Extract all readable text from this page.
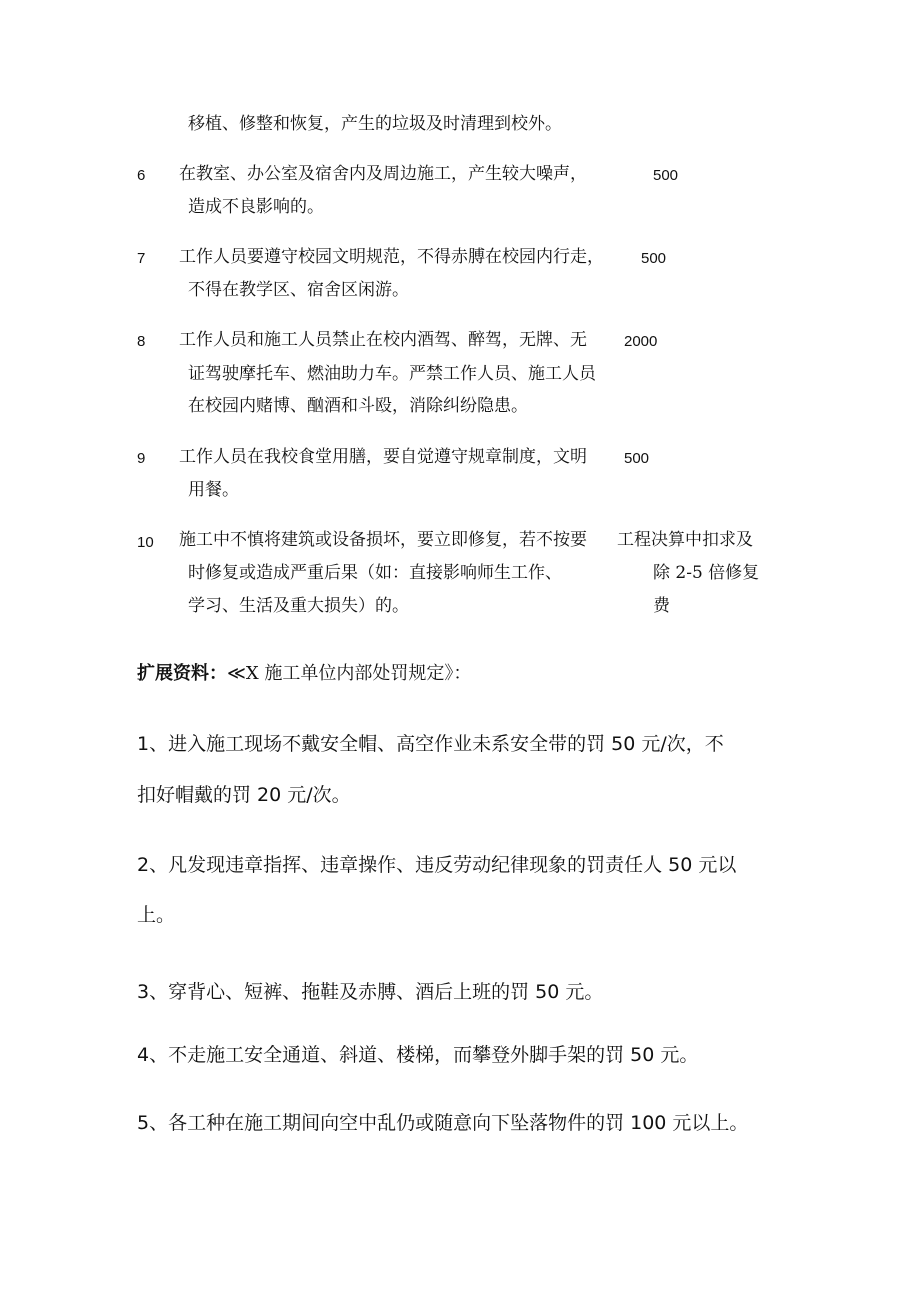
移植、修整和恢复，产生的垃圾及时清理到校外。
6 在教室、办公室及宿舍内及周边施工，产生较大噪声，
造成不良影响的。
500
7 工作人员要遵守校园文明规范，不得赤膊在校园内行走，
不得在教学区、宿舍区闲游。
500
8 工作人员和施工人员禁止在校内酒驾、醉驾，无牌、无
证驾驶摩托车、燃油助力车。严禁工作人员、施工人员
在校园内赌博、酗酒和斗殴，消除纠纷隐患。
2000
9 工作人员在我校食堂用膳，要自觉遵守规章制度，文明
用餐。
500
10 施工中不慎将建筑或设备损坏，要立即修复，若不按要
时修复或造成严重后果（如：直接影响师生工作、
学习、生活及重大损失）的。
工程决算中扣求及
除 2-5 倍修复
费
扩展资料：≪X 施工单位内部处罚规定》：
1、进入施工现场不戴安全帽、高空作业未系安全带的罚 50 元/次，不
扣好帽戴的罚 20 元/次。
2、凡发现违章指挥、违章操作、违反劳动纪律现象的罚责任人 50 元以
上。
3、穿背心、短裤、拖鞋及赤膊、酒后上班的罚 50 元。
4、不走施工安全通道、斜道、楼梯，而攀登外脚手架的罚 50 元。
5、各工种在施工期间向空中乱仍或随意向下坠落物件的罚 100 元以上。
